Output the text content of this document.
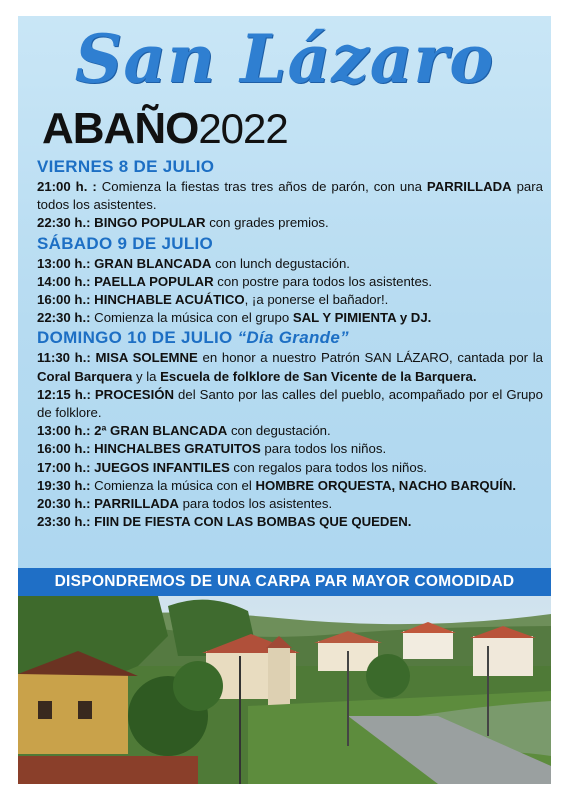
San Lázaro
ABAÑO2022
VIERNES 8 DE JULIO
21:00 h. : Comienza la fiestas tras tres años de parón, con una PARRILLADA para todos los asistentes.
22:30 h.: BINGO POPULAR con grades premios.
SÁBADO 9 DE JULIO
13:00 h.: GRAN BLANCADA con lunch degustación.
14:00 h.: PAELLA POPULAR con postre para todos los asistentes.
16:00 h.: HINCHABLE ACUÁTICO, ¡a ponerse el bañador!.
22:30 h.: Comienza la música con el grupo SAL Y PIMIENTA y DJ.
DOMINGO 10 DE JULIO “Día Grande”
11:30 h.: MISA SOLEMNE en honor a nuestro Patrón SAN LÁZARO, cantada por la Coral Barquera y la Escuela de folklore de San Vicente de la Barquera.
12:15 h.: PROCESIÓN del Santo por las calles del pueblo, acompañado por el Grupo de folklore.
13:00 h.: 2ª GRAN BLANCADA con degustación.
16:00 h.: HINCHALBES GRATUITOS para todos los niños.
17:00 h.: JUEGOS INFANTILES con regalos para todos los niños.
19:30 h.: Comienza la música con el HOMBRE ORQUESTA, NACHO BARQUÍN.
20:30 h.: PARRILLADA para todos los asistentes.
23:30 h.: FIIN DE FIESTA CON LAS BOMBAS QUE QUEDEN.
DISPONDREMOS DE UNA CARPA PAR MAYOR COMODIDAD
